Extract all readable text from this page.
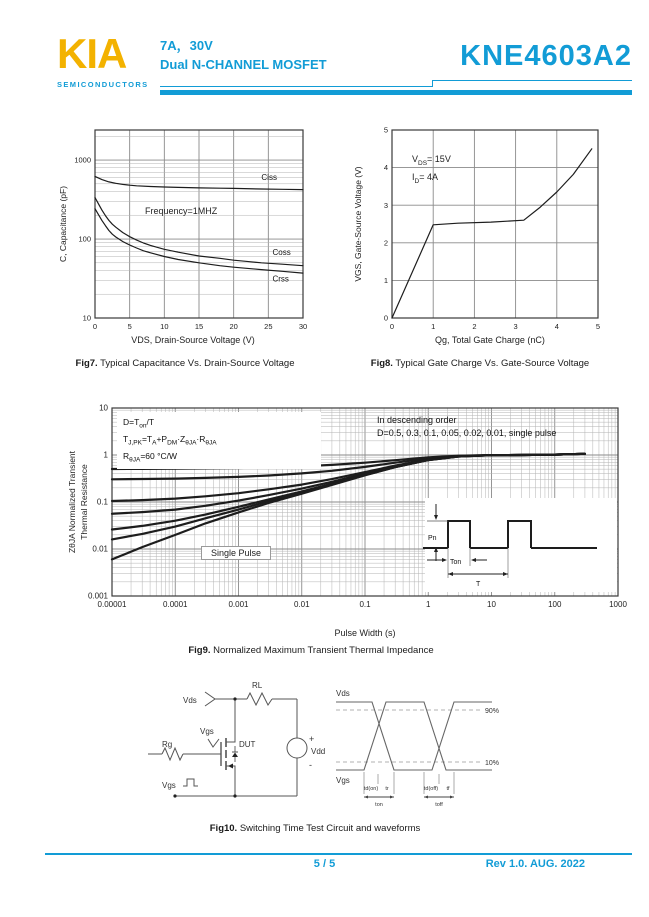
KIA
SEMICONDUCTORS
7A，30V
Dual N-CHANNEL MOSFET	KNE4603A2
C, Capacitance (pF)
0	5	10	15	20	25	30
10
100
1000
Ciss
Coss
Crss
Frequency=1MHZ
VDS, Drain-Source Voltage (V)
Fig7. Typical Capacitance Vs. Drain-Source Voltage
VGS, Gate-Source Voltage (V)
0	1	2	3	4	5
0
1
2
3
4
5
$V_{DS}= 15V$
$I_D= 4A$
Qg, Total Gate Charge (nC)
Fig8. Typical Gate Charge Vs. Gate-Source Voltage
ZθJA Normalized Transient Thermal Resistance
0.00001	0.0001	0.001	0.01	0.1	1	10	100	1000
10
1
0.1
0.01
0.001
$D=T_{on}/T$
$T_{J,PK}=T_A+P_{DM}\cdot Z_{\theta JA}\cdot R_{\theta JA}$
$R_{\theta JA}=60$ °C/W
In descending order
D=0.5, 0.3, 0.1, 0.05, 0.02, 0.01, single pulse
Single Pulse
Pn
Ton
T
Pulse Width (s)
Fig9. Normalized Maximum Transient Thermal Impedance
Vds
RL
Vgs
Rg	DUT
+
-
Vdd
Vgs
Vds
Vgs
90%
10%
td(on) tr
ton
td(off) tf
toff
Fig10. Switching Time Test Circuit and waveforms
5 / 5	Rev 1.0. AUG. 2022
